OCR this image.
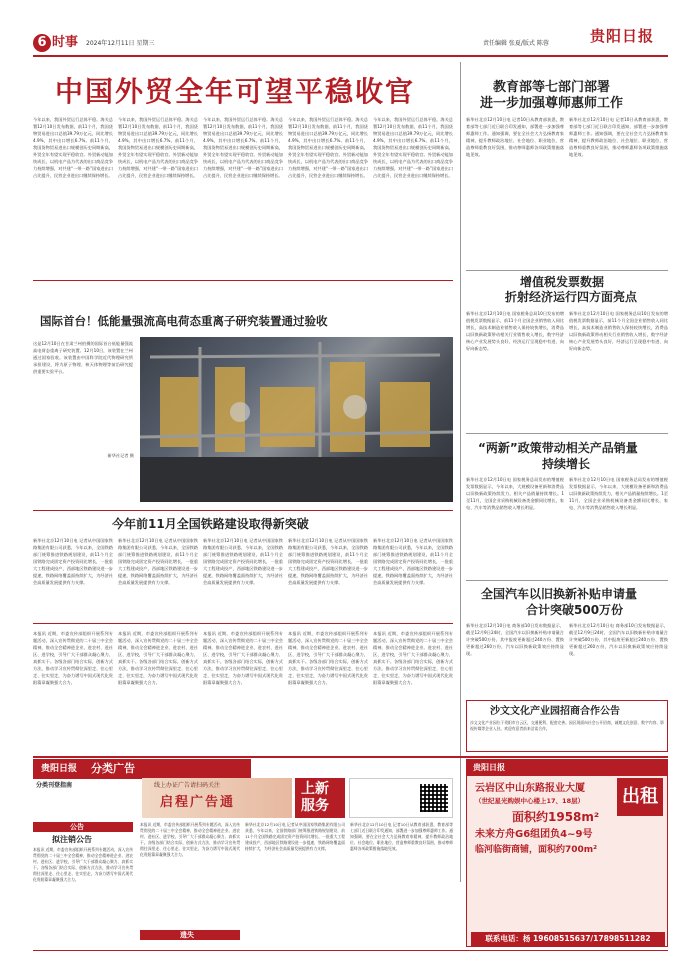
6 时事 2024年12月11日 星期三	责任编辑 张夏/版式 陈蓉	贵阳日报
中国外贸全年可望平稳收官
今年以来，我国外贸运行总体平稳。海关总署12月10日发布数据，前11个月，我国货物贸易进出口总值39.79万亿元，同比增长4.9%，其中出口增长6.7%。前11个月，我国货物贸易进出口规模创历史同期新高，外贸全年有望实现平稳收官。外贸新动能加快成长，以机电产品为代表的出口商品竞争力持续增强，对共建“一带一路”国家进出口占比提升，民营企业进出口继续保持增长。
今年以来，我国外贸运行总体平稳。海关总署12月10日发布数据，前11个月，我国货物贸易进出口总值39.79万亿元，同比增长4.9%，其中出口增长6.7%。前11个月，我国货物贸易进出口规模创历史同期新高，外贸全年有望实现平稳收官。外贸新动能加快成长，以机电产品为代表的出口商品竞争力持续增强，对共建“一带一路”国家进出口占比提升，民营企业进出口继续保持增长。
今年以来，我国外贸运行总体平稳。海关总署12月10日发布数据，前11个月，我国货物贸易进出口总值39.79万亿元，同比增长4.9%，其中出口增长6.7%。前11个月，我国货物贸易进出口规模创历史同期新高，外贸全年有望实现平稳收官。外贸新动能加快成长，以机电产品为代表的出口商品竞争力持续增强，对共建“一带一路”国家进出口占比提升，民营企业进出口继续保持增长。
今年以来，我国外贸运行总体平稳。海关总署12月10日发布数据，前11个月，我国货物贸易进出口总值39.79万亿元，同比增长4.9%，其中出口增长6.7%。前11个月，我国货物贸易进出口规模创历史同期新高，外贸全年有望实现平稳收官。外贸新动能加快成长，以机电产品为代表的出口商品竞争力持续增强，对共建“一带一路”国家进出口占比提升，民营企业进出口继续保持增长。
今年以来，我国外贸运行总体平稳。海关总署12月10日发布数据，前11个月，我国货物贸易进出口总值39.79万亿元，同比增长4.9%，其中出口增长6.7%。前11个月，我国货物贸易进出口规模创历史同期新高，外贸全年有望实现平稳收官。外贸新动能加快成长，以机电产品为代表的出口商品竞争力持续增强，对共建“一带一路”国家进出口占比提升，民营企业进出口继续保持增长。
教育部等七部门部署
进一步加强尊师惠师工作
新华社北京12月10日电 记者10日从教育部获悉，教育部等七部门近日联合印发通知，部署进一步加强尊师惠师工作。通知强调，要在全社会大力弘扬教育家精神，提升教师政治地位、社会地位、职业地位，营造尊师重教良好氛围，推动尊师惠师各项政策措施落地见效。
新华社北京12月10日电 记者10日从教育部获悉，教育部等七部门近日联合印发通知，部署进一步加强尊师惠师工作。通知强调，要在全社会大力弘扬教育家精神，提升教师政治地位、社会地位、职业地位，营造尊师重教良好氛围，推动尊师惠师各项政策措施落地见效。
增值税发票数据
折射经济运行四方面亮点
新华社北京12月10日电 国家税务总局10日发布的增值税发票数据显示，前11个月全国企业销售收入同比增长，高技术制造业销售收入保持较快增长，消费品以旧换新政策带动相关行业销售收入增长，数字经济核心产业发展势头良好，经济运行呈现稳中有进、向好向新态势。
新华社北京12月10日电 国家税务总局10日发布的增值税发票数据显示，前11个月全国企业销售收入同比增长，高技术制造业销售收入保持较快增长，消费品以旧换新政策带动相关行业销售收入增长，数字经济核心产业发展势头良好，经济运行呈现稳中有进、向好向新态势。
国际首台！低能量强流高电荷态重离子研究装置通过验收
这是12月10日在甘肃兰州拍摄的国际首台低能量强流高电荷态重离子研究装置。12月10日，该装置在兰州通过国家验收。该装置由中国科学院近代物理研究所承担建设，将为原子物理、核天体物理等前沿研究提供重要实验平台。
新华社记者 摄
“两新”政策带动相关产品销量
持续增长
新华社北京12月10日电 国家税务总局发布的增值税发票数据显示，今年以来，大规模设备更新和消费品以旧换新政策持续发力，相关产品销量持续增长。1至11月，全国企业采购机械设备类金额同比增长，家电、汽车等消费品销售收入增长明显。
新华社北京12月10日电 国家税务总局发布的增值税发票数据显示，今年以来，大规模设备更新和消费品以旧换新政策持续发力，相关产品销量持续增长。1至11月，全国企业采购机械设备类金额同比增长，家电、汽车等消费品销售收入增长明显。
今年前11月全国铁路建设取得新突破
新华社北京12月10日电 记者从中国国家铁路集团有限公司获悉，今年以来，全国铁路部门统筹推进铁路规划建设，前11个月全国铁路完成固定资产投资同比增长，一批重大工程建成投产，西部地区铁路建设进一步提速，铁路网络覆盖面持续扩大，为经济社会高质量发展提供有力支撑。
新华社北京12月10日电 记者从中国国家铁路集团有限公司获悉，今年以来，全国铁路部门统筹推进铁路规划建设，前11个月全国铁路完成固定资产投资同比增长，一批重大工程建成投产，西部地区铁路建设进一步提速，铁路网络覆盖面持续扩大，为经济社会高质量发展提供有力支撑。
新华社北京12月10日电 记者从中国国家铁路集团有限公司获悉，今年以来，全国铁路部门统筹推进铁路规划建设，前11个月全国铁路完成固定资产投资同比增长，一批重大工程建成投产，西部地区铁路建设进一步提速，铁路网络覆盖面持续扩大，为经济社会高质量发展提供有力支撑。
新华社北京12月10日电 记者从中国国家铁路集团有限公司获悉，今年以来，全国铁路部门统筹推进铁路规划建设，前11个月全国铁路完成固定资产投资同比增长，一批重大工程建成投产，西部地区铁路建设进一步提速，铁路网络覆盖面持续扩大，为经济社会高质量发展提供有力支撑。
新华社北京12月10日电 记者从中国国家铁路集团有限公司获悉，今年以来，全国铁路部门统筹推进铁路规划建设，前11个月全国铁路完成固定资产投资同比增长，一批重大工程建成投产，西部地区铁路建设进一步提速，铁路网络覆盖面持续扩大，为经济社会高质量发展提供有力支撑。
全国汽车以旧换新补贴申请量
合计突破500万份
新华社北京12月10日电 商务部10日发布数据显示，截至12月9日24时，全国汽车以旧换新补贴申请量合计突破500万份，其中报废更新超过240万份、置换更新超过260万份，汽车以旧换新政策效应持续显现。
新华社北京12月10日电 商务部10日发布数据显示，截至12月9日24时，全国汽车以旧换新补贴申请量合计突破500万份，其中报废更新超过240万份、置换更新超过260万份，汽车以旧换新政策效应持续显现。
本报讯 近期，市委宣传部组织开展系列专题活动，深入宣传贯彻党的二十届三中全会精神，推动全会精神进企业、进农村、进社区、进学校，引导广大干部群众凝心聚力、真抓实干。各级各部门结合实际，创新方式方法，推动学习宣传贯彻往深里走、往心里走、往实里走，为奋力谱写中国式现代化贵阳篇章凝聚强大合力。
本报讯 近期，市委宣传部组织开展系列专题活动，深入宣传贯彻党的二十届三中全会精神，推动全会精神进企业、进农村、进社区、进学校，引导广大干部群众凝心聚力、真抓实干。各级各部门结合实际，创新方式方法，推动学习宣传贯彻往深里走、往心里走、往实里走，为奋力谱写中国式现代化贵阳篇章凝聚强大合力。
本报讯 近期，市委宣传部组织开展系列专题活动，深入宣传贯彻党的二十届三中全会精神，推动全会精神进企业、进农村、进社区、进学校，引导广大干部群众凝心聚力、真抓实干。各级各部门结合实际，创新方式方法，推动学习宣传贯彻往深里走、往心里走、往实里走，为奋力谱写中国式现代化贵阳篇章凝聚强大合力。
本报讯 近期，市委宣传部组织开展系列专题活动，深入宣传贯彻党的二十届三中全会精神，推动全会精神进企业、进农村、进社区、进学校，引导广大干部群众凝心聚力、真抓实干。各级各部门结合实际，创新方式方法，推动学习宣传贯彻往深里走、往心里走、往实里走，为奋力谱写中国式现代化贵阳篇章凝聚强大合力。
本报讯 近期，市委宣传部组织开展系列专题活动，深入宣传贯彻党的二十届三中全会精神，推动全会精神进企业、进农村、进社区、进学校，引导广大干部群众凝心聚力、真抓实干。各级各部门结合实际，创新方式方法，推动学习宣传贯彻往深里走、往心里走、往实里走，为奋力谱写中国式现代化贵阳篇章凝聚强大合力。
沙文文化产业园招商合作公告
沙文文化产业园位于贵阳市白云区，交通便利、配套完善。园区现面向社会公开招商，诚邀文化创意、数字内容、影视传媒等企业入驻。欢迎有意者前来洽谈合作。
贵阳日报 分类广告
分类刊登指南	线上办证广告请扫码关注
启程广告通
上新
服务
公告
拟注销公告
本报讯 近期，市委宣传部组织开展系列专题活动，深入宣传贯彻党的二十届三中全会精神，推动全会精神进企业、进农村、进社区、进学校，引导广大干部群众凝心聚力、真抓实干。各级各部门结合实际，创新方式方法，推动学习宣传贯彻往深里走、往心里走、往实里走，为奋力谱写中国式现代化贵阳篇章凝聚强大合力。
遗失
本报讯 近期，市委宣传部组织开展系列专题活动，深入宣传贯彻党的二十届三中全会精神，推动全会精神进企业、进农村、进社区、进学校，引导广大干部群众凝心聚力、真抓实干。各级各部门结合实际，创新方式方法，推动学习宣传贯彻往深里走、往心里走、往实里走，为奋力谱写中国式现代化贵阳篇章凝聚强大合力。
新华社北京12月10日电 记者从中国国家铁路集团有限公司获悉，今年以来，全国铁路部门统筹推进铁路规划建设，前11个月全国铁路完成固定资产投资同比增长，一批重大工程建成投产，西部地区铁路建设进一步提速，铁路网络覆盖面持续扩大，为经济社会高质量发展提供有力支撑。
新华社北京12月10日电 记者10日从教育部获悉，教育部等七部门近日联合印发通知，部署进一步加强尊师惠师工作。通知强调，要在全社会大力弘扬教育家精神，提升教师政治地位、社会地位、职业地位，营造尊师重教良好氛围，推动尊师惠师各项政策措施落地见效。
贵阳日报
出租
云岩区中山东路报业大厦
（世纪星光购娱中心楼上17、18层）
面积约1958m²
未来方舟G6组团负4~9号
临河临街商铺，面积约700m²
联系电话：杨 19608515637/17898511282
